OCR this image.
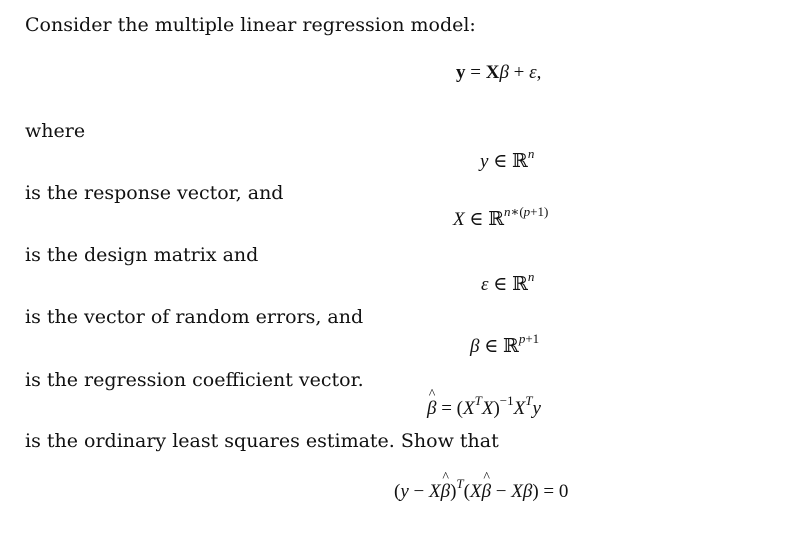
Consider the multiple linear regression model:
y = Xβ + ε,
where
y ∈ ℝ$^n$
is the response vector, and
X ∈ ℝ$^{n∗(p+1)}$
is the design matrix and
ε ∈ ℝ$^n$
is the vector of random errors, and
β ∈ ℝ$^{p+1}$
is the regression coefficient vector.
^ $\beta = (X^TX)^{-1}X^Ty$
is the ordinary least squares estimate. Show that
(y − X^ β)$^T$(X^ β − Xβ) = 0
